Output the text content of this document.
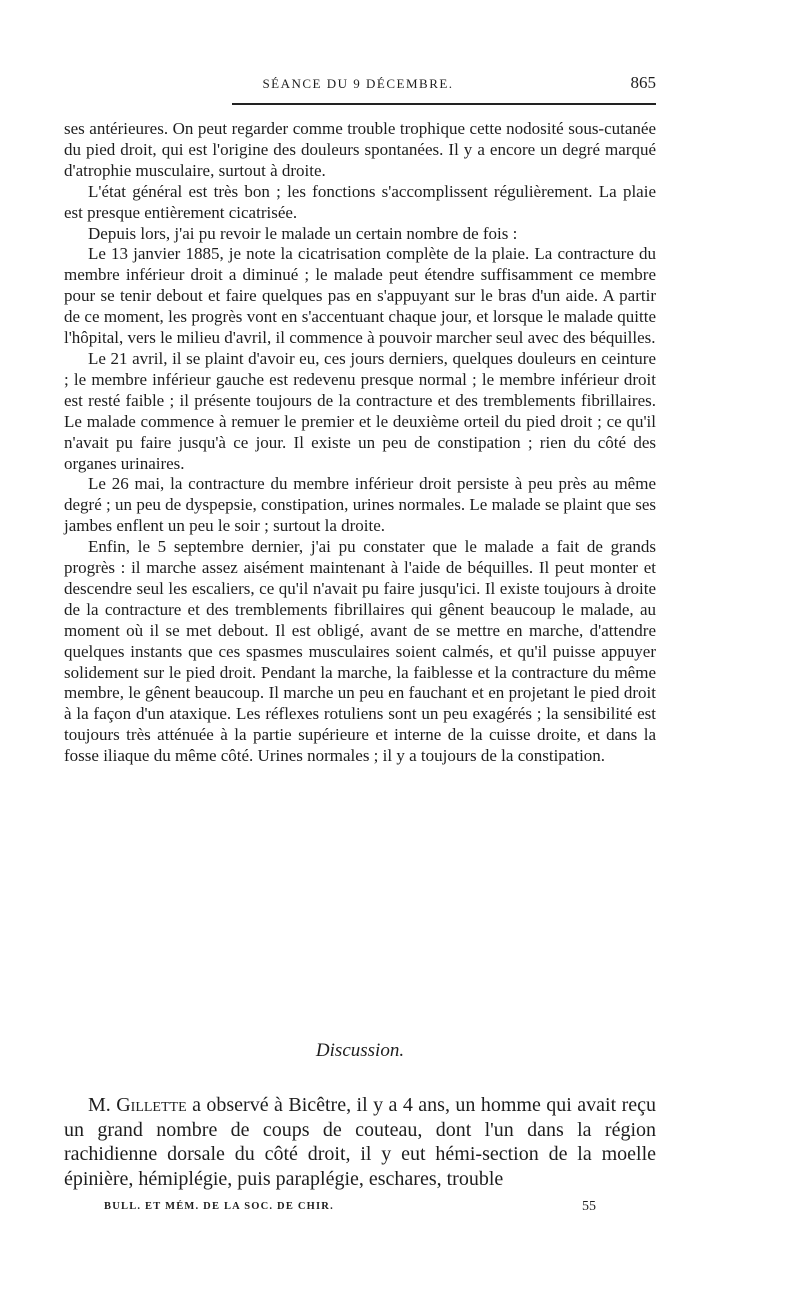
SÉANCE DU 9 DÉCEMBRE.	865

ses antérieures. On peut regarder comme trouble trophique cette nodosité sous-cutanée du pied droit, qui est l'origine des douleurs spontanées. Il y a encore un degré marqué d'atrophie musculaire, surtout à droite.

L'état général est très bon ; les fonctions s'accomplissent régulièrement. La plaie est presque entièrement cicatrisée.

Depuis lors, j'ai pu revoir le malade un certain nombre de fois :

Le 13 janvier 1885, je note la cicatrisation complète de la plaie. La contracture du membre inférieur droit a diminué ; le malade peut étendre suffisamment ce membre pour se tenir debout et faire quelques pas en s'appuyant sur le bras d'un aide. A partir de ce moment, les progrès vont en s'accentuant chaque jour, et lorsque le malade quitte l'hôpital, vers le milieu d'avril, il commence à pouvoir marcher seul avec des béquilles.

Le 21 avril, il se plaint d'avoir eu, ces jours derniers, quelques douleurs en ceinture ; le membre inférieur gauche est redevenu presque normal ; le membre inférieur droit est resté faible ; il présente toujours de la contracture et des tremblements fibrillaires. Le malade commence à remuer le premier et le deuxième orteil du pied droit ; ce qu'il n'avait pu faire jusqu'à ce jour. Il existe un peu de constipation ; rien du côté des organes urinaires.

Le 26 mai, la contracture du membre inférieur droit persiste à peu près au même degré ; un peu de dyspepsie, constipation, urines normales. Le malade se plaint que ses jambes enflent un peu le soir ; surtout la droite.

Enfin, le 5 septembre dernier, j'ai pu constater que le malade a fait de grands progrès : il marche assez aisément maintenant à l'aide de béquilles. Il peut monter et descendre seul les escaliers, ce qu'il n'avait pu faire jusqu'ici. Il existe toujours à droite de la contracture et des tremblements fibrillaires qui gênent beaucoup le malade, au moment où il se met debout. Il est obligé, avant de se mettre en marche, d'attendre quelques instants que ces spasmes musculaires soient calmés, et qu'il puisse appuyer solidement sur le pied droit. Pendant la marche, la faiblesse et la contracture du même membre, le gênent beaucoup. Il marche un peu en fauchant et en projetant le pied droit à la façon d'un ataxique. Les réflexes rotuliens sont un peu exagérés ; la sensibilité est toujours très atténuée à la partie supérieure et interne de la cuisse droite, et dans la fosse iliaque du même côté. Urines normales ; il y a toujours de la constipation.

Discussion.

M. Gillette a observé à Bicêtre, il y a 4 ans, un homme qui avait reçu un grand nombre de coups de couteau, dont l'un dans la région rachidienne dorsale du côté droit, il y eut hémi-section de la moelle épinière, hémiplégie, puis paraplégie, eschares, trouble

BULL. ET MÉM. DE LA SOC. DE CHIR.	55
